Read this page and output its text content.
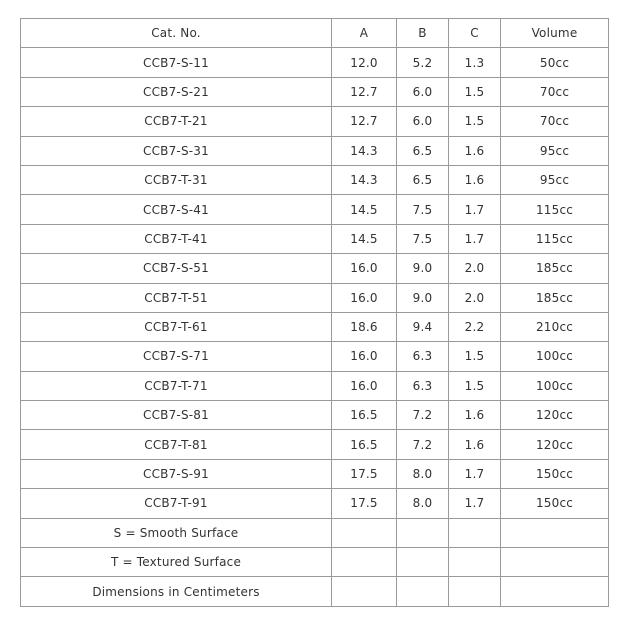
Cat. No.	A	B	C	Volume
CCB7-S-11	12.0	5.2	1.3	50cc
CCB7-S-21	12.7	6.0	1.5	70cc
CCB7-T-21	12.7	6.0	1.5	70cc
CCB7-S-31	14.3	6.5	1.6	95cc
CCB7-T-31	14.3	6.5	1.6	95cc
CCB7-S-41	14.5	7.5	1.7	115cc
CCB7-T-41	14.5	7.5	1.7	115cc
CCB7-S-51	16.0	9.0	2.0	185cc
CCB7-T-51	16.0	9.0	2.0	185cc
CCB7-T-61	18.6	9.4	2.2	210cc
CCB7-S-71	16.0	6.3	1.5	100cc
CCB7-T-71	16.0	6.3	1.5	100cc
CCB7-S-81	16.5	7.2	1.6	120cc
CCB7-T-81	16.5	7.2	1.6	120cc
CCB7-S-91	17.5	8.0	1.7	150cc
CCB7-T-91	17.5	8.0	1.7	150cc
S = Smooth Surface				
T = Textured Surface				
Dimensions in Centimeters				
